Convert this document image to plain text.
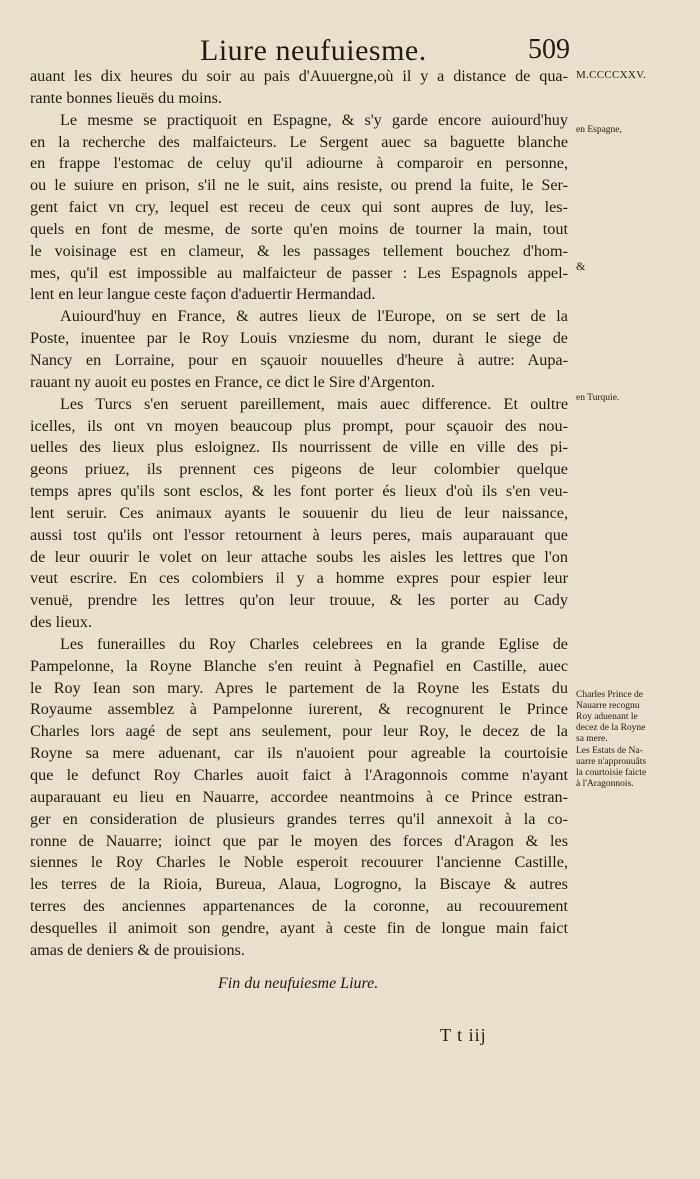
Liure neufuiesme.	509
auant les dix heures du soir au pais d'Auuergne,où il y a distance de qua-
rante bonnes lieuës du moins.
Le mesme se practiquoit en Espagne, & s'y garde encore auiourd'huy
en la recherche des malfaicteurs. Le Sergent auec sa baguette blanche
en frappe l'estomac de celuy qu'il adiourne à comparoir en personne,
ou le suiure en prison, s'il ne le suit, ains resiste, ou prend la fuite, le Ser-
gent faict vn cry, lequel est receu de ceux qui sont aupres de luy, les-
quels en font de mesme, de sorte qu'en moins de tourner la main, tout
le voisinage est en clameur, & les passages tellement bouchez d'hom-
mes, qu'il est impossible au malfaicteur de passer : Les Espagnols appel-
lent en leur langue ceste façon d'aduertir Hermandad.
Auiourd'huy en France, & autres lieux de l'Europe, on se sert de la
Poste, inuentee par le Roy Louis vnziesme du nom, durant le siege de
Nancy en Lorraine, pour en sçauoir nouuelles d'heure à autre: Aupa-
rauant ny auoit eu postes en France, ce dict le Sire d'Argenton.
Les Turcs s'en seruent pareillement, mais auec difference. Et oultre
icelles, ils ont vn moyen beaucoup plus prompt, pour sçauoir des nou-
uelles des lieux plus esloignez. Ils nourrissent de ville en ville des pi-
geons priuez, ils prennent ces pigeons de leur colombier quelque
temps apres qu'ils sont esclos, & les font porter és lieux d'où ils s'en veu-
lent seruir. Ces animaux ayants le souuenir du lieu de leur naissance,
aussi tost qu'ils ont l'essor retournent à leurs peres, mais auparauant que
de leur ouurir le volet on leur attache soubs les aisles les lettres que l'on
veut escrire. En ces colombiers il y a homme expres pour espier leur
venuë, prendre les lettres qu'on leur trouue, & les porter au Cady
des lieux.
Les funerailles du Roy Charles celebrees en la grande Eglise de
Pampelonne, la Royne Blanche s'en reuint à Pegnafiel en Castille, auec
le Roy Iean son mary. Apres le partement de la Royne les Estats du
Royaume assemblez à Pampelonne iurerent, & recognurent le Prince
Charles lors aagé de sept ans seulement, pour leur Roy, le decez de la
Royne sa mere aduenant, car ils n'auoient pour agreable la courtoisie
que le defunct Roy Charles auoit faict à l'Aragonnois comme n'ayant
auparauant eu lieu en Nauarre, accordee neantmoins à ce Prince estran-
ger en consideration de plusieurs grandes terres qu'il annexoit à la co-
ronne de Nauarre; ioinct que par le moyen des forces d'Aragon & les
siennes le Roy Charles le Noble esperoit recouurer l'ancienne Castille,
les terres de la Rioia, Bureua, Alaua, Logrogno, la Biscaye & autres
terres des anciennes appartenances de la coronne, au recouurement
desquelles il animoit son gendre, ayant à ceste fin de longue main faict
amas de deniers & de prouisions.
M.CCCCXXV.
en Espagne,
&
en Turquie.
Charles Prince de
Nauarre recognu
Roy aduenant le
decez de la Royne
sa mere.
Les Estats de Na-
uarre n'approuuâts
la courtoisie faicte
à l'Aragonnois.
Fin du neufuiesme Liure.
T t iij
